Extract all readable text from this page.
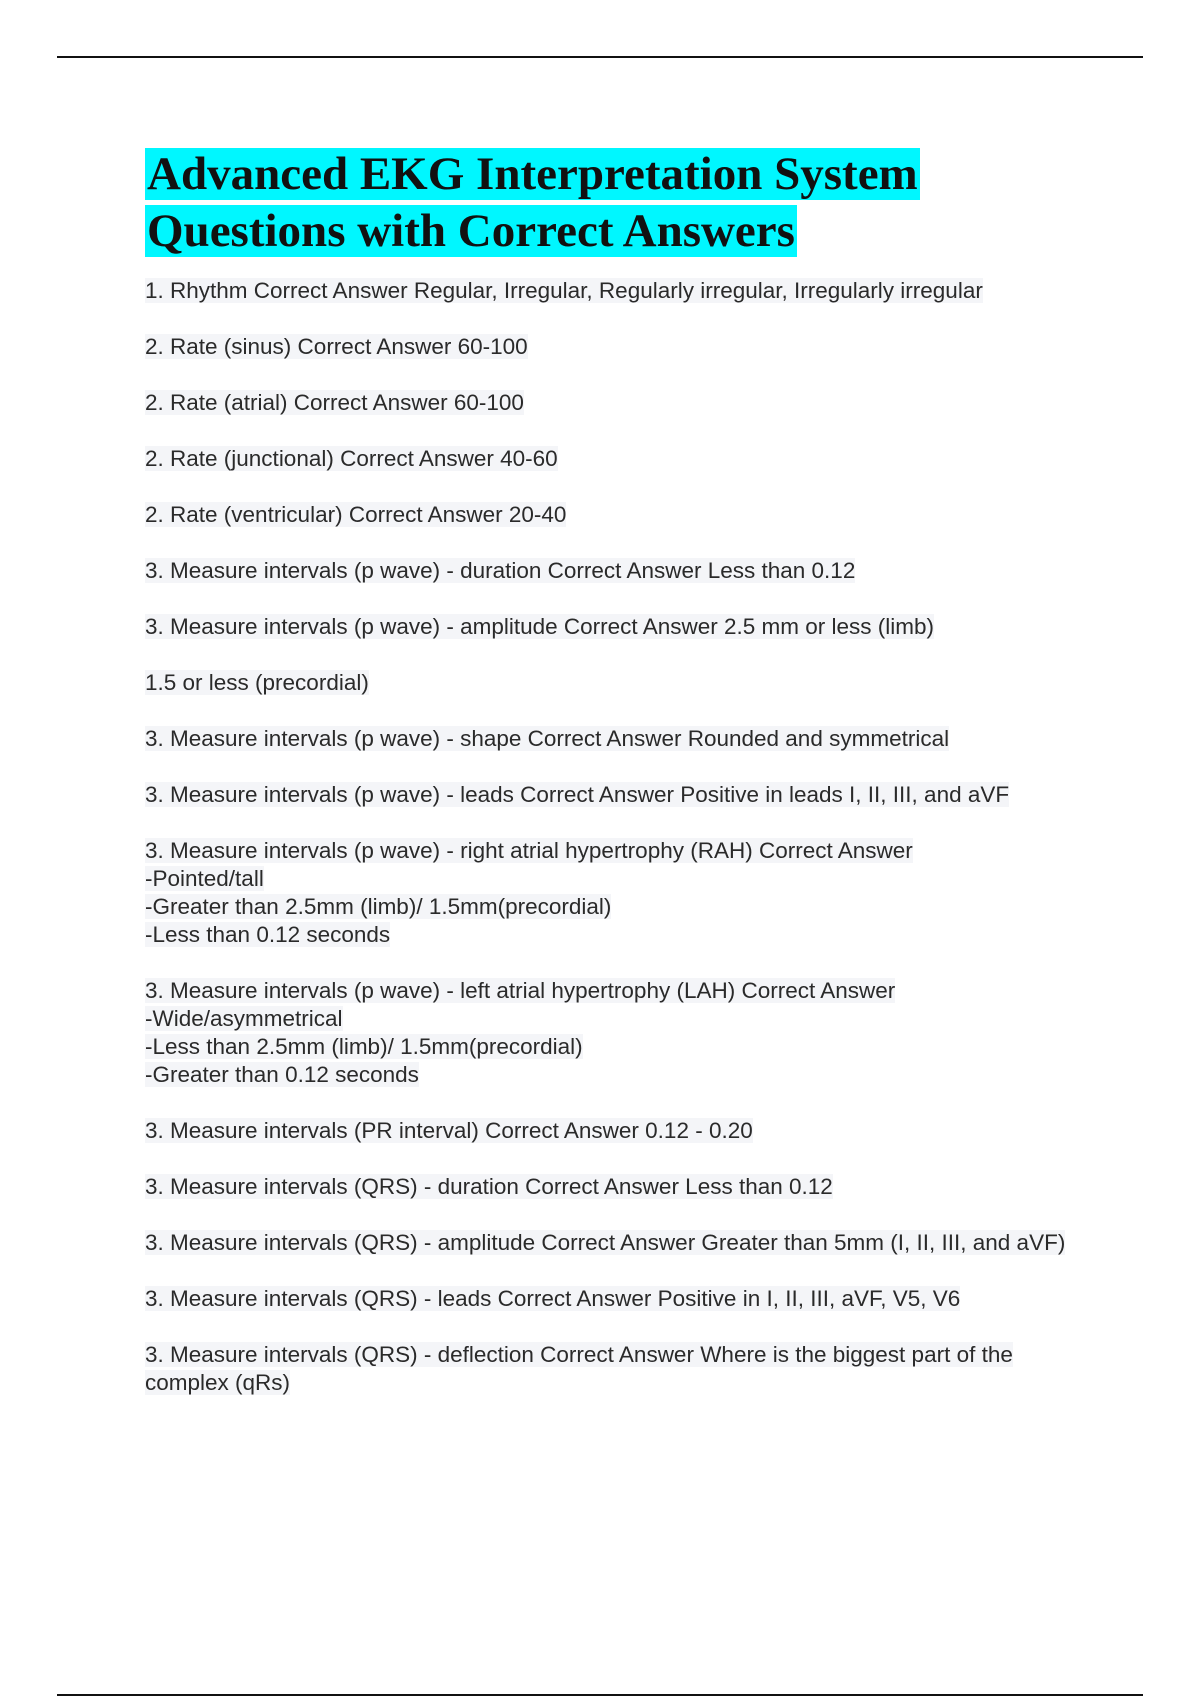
Advanced EKG Interpretation System
Questions with Correct Answers
1. Rhythm Correct Answer Regular, Irregular, Regularly irregular, Irregularly irregular
2. Rate (sinus) Correct Answer 60-100
2. Rate (atrial) Correct Answer 60-100
2. Rate (junctional) Correct Answer 40-60
2. Rate (ventricular) Correct Answer 20-40
3. Measure intervals (p wave) - duration Correct Answer Less than 0.12
3. Measure intervals (p wave) - amplitude Correct Answer 2.5 mm or less (limb)
1.5 or less (precordial)
3. Measure intervals (p wave) - shape Correct Answer Rounded and symmetrical
3. Measure intervals (p wave) - leads Correct Answer Positive in leads I, II, III, and aVF
3. Measure intervals (p wave) - right atrial hypertrophy (RAH) Correct Answer
-Pointed/tall
-Greater than 2.5mm (limb)/ 1.5mm(precordial)
-Less than 0.12 seconds
3. Measure intervals (p wave) - left atrial hypertrophy (LAH) Correct Answer
-Wide/asymmetrical
-Less than 2.5mm (limb)/ 1.5mm(precordial)
-Greater than 0.12 seconds
3. Measure intervals (PR interval) Correct Answer 0.12 - 0.20
3. Measure intervals (QRS) - duration Correct Answer Less than 0.12
3. Measure intervals (QRS) - amplitude Correct Answer Greater than 5mm (I, II, III, and aVF)
3. Measure intervals (QRS) - leads Correct Answer Positive in I, II, III, aVF, V5, V6
3. Measure intervals (QRS) - deflection Correct Answer Where is the biggest part of the complex (qRs)
